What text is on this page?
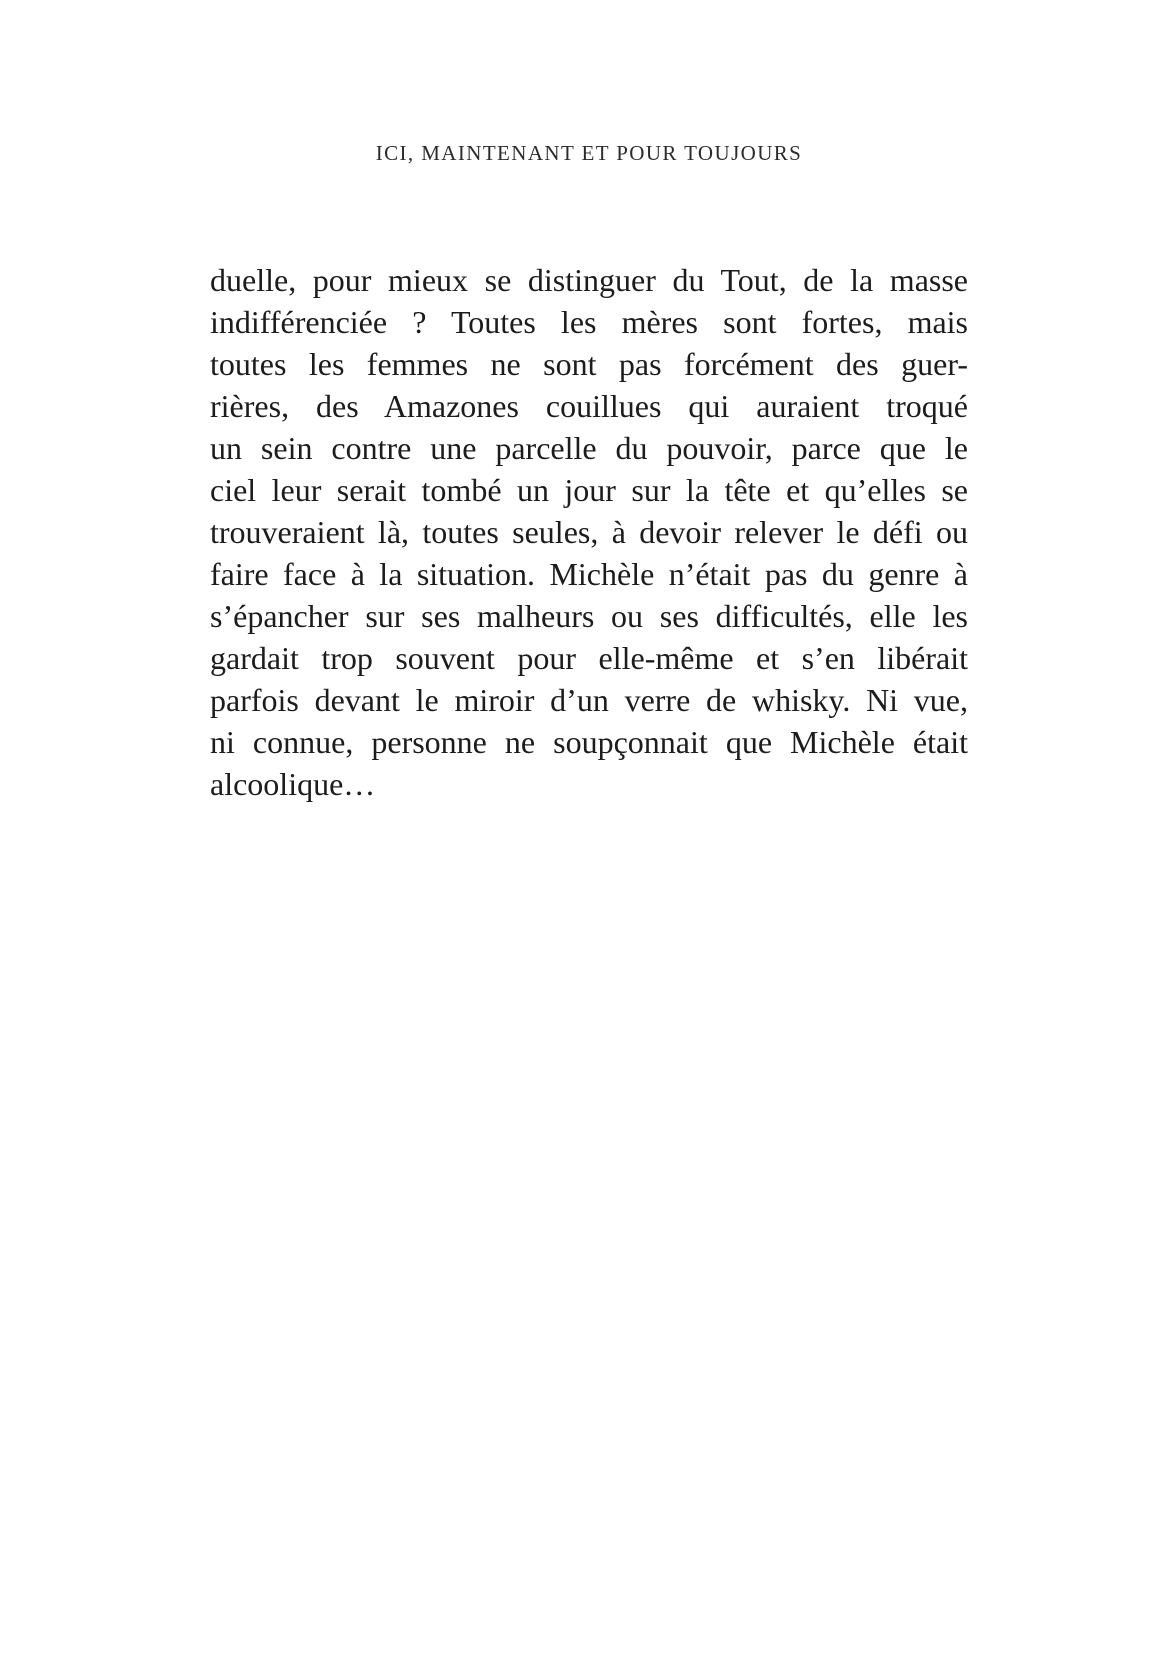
ICI, MAINTENANT ET POUR TOUJOURS
duelle, pour mieux se distinguer du Tout, de la masse
indifférenciée ? Toutes les mères sont fortes, mais
toutes les femmes ne sont pas forcément des guer-
rières, des Amazones couillues qui auraient troqué
un sein contre une parcelle du pouvoir, parce que le
ciel leur serait tombé un jour sur la tête et qu’elles se
trouveraient là, toutes seules, à devoir relever le défi ou
faire face à la situation. Michèle n’était pas du genre à
s’épancher sur ses malheurs ou ses difficultés, elle les
gardait trop souvent pour elle-même et s’en libérait
parfois devant le miroir d’un verre de whisky. Ni vue,
ni connue, personne ne soupçonnait que Michèle était
alcoolique…
